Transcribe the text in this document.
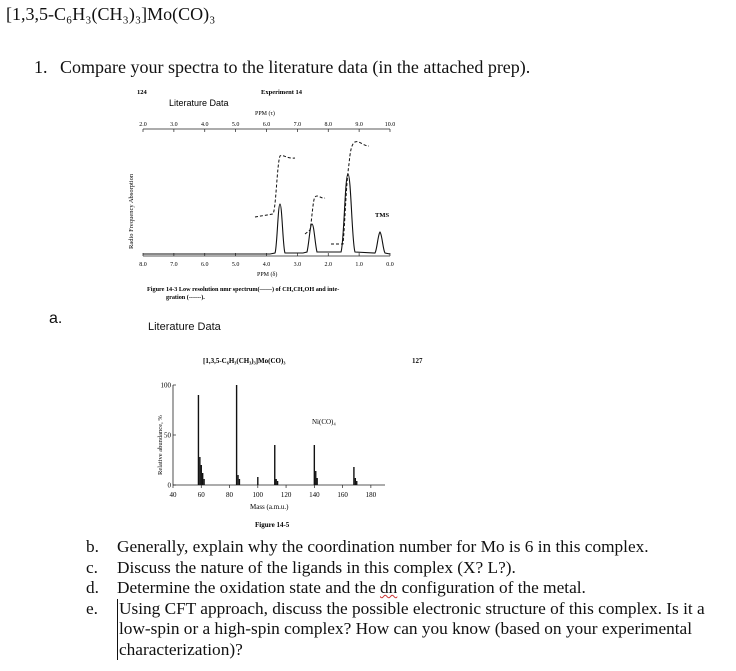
[1,3,5-C₆H₃(CH₃)₃]Mo(CO)₃
1. Compare your spectra to the literature data (in the attached prep).
a.
124
Literature Data
Experiment 14
PPM (τ)
2.0	3.0	4.0	5.0	6.0	7.0	8.0	9.0	10.0
8.0	7.0	6.0	5.0	4.0	3.0	2.0	1.0	0.0
PPM (δ)
Radio Frequency Absorption	TMS
Figure 14-3 Low resolution nmr spectrum(——) of CH₃CH₂OH and inte-
gration (------).
Literature Data
[1,3,5-C₆H₃(CH₃)₃]Mo(CO)₃
Ni(CO)₄
Relative abundance, %
0
50
100
40	60	80	100	120	140	160	180
Mass (a.m.u.)
Figure 14-5
127
b.	Generally, explain why the coordination number for Mo is 6 in this complex.
c.	Discuss the nature of the ligands in this complex (X? L?).
d.	Determine the oxidation state and the dn configuration of the metal.
e.	Using CFT approach, discuss the possible electronic structure of this complex. Is it a low-spin or a high-spin complex? How can you know (based on your experimental characterization)?
